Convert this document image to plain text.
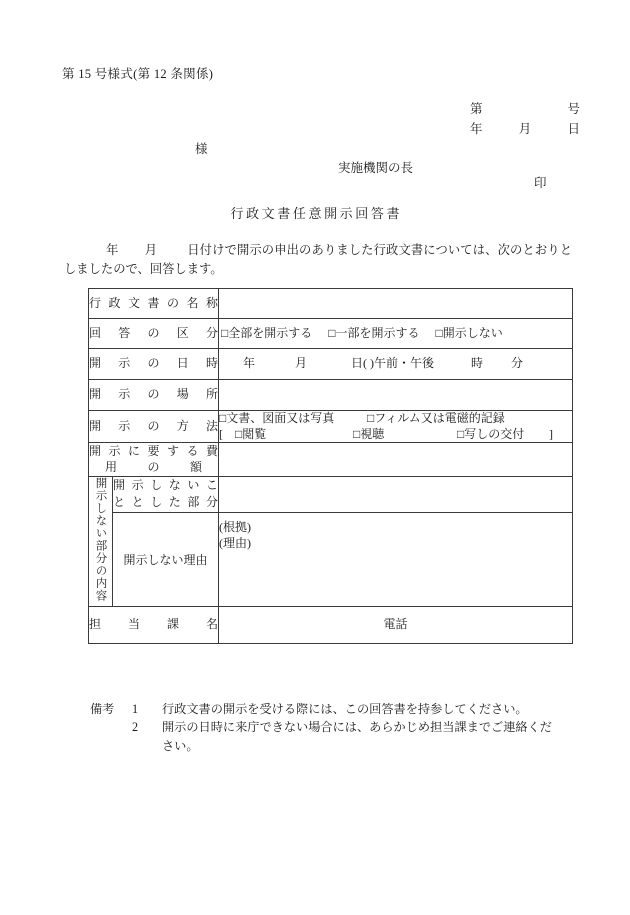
第 15 号様式(第 12 条関係)
第	号
年	月	日
様
実施機関の長
印
行政文書任意開示回答書
年 月 日付けで開示の申出のありました行政文書については、次のとおりとしましたので、回答します。
行政文書の名称		

回答の区分		□全部を開示する □一部を開示する □開示しない

開示の日時		年 月 日( )午前・午後 時 分

開示の場所		

開示の方法

□文書、図面又は写真	□フィルム又は電磁的記録
[	□閲覧	□視聴	□写しの交付	]

開示に要する費
用 の 額		

開示しない部分の内容	開示しないこ
ととした部分	

	開示しない理由	(根拠)
(理由)

担当課名		電話
備考	1	行政文書の開示を受ける際には、この回答書を持参してください。
2	開示の日時に来庁できない場合には、あらかじめ担当課までご連絡くだ
さい。
